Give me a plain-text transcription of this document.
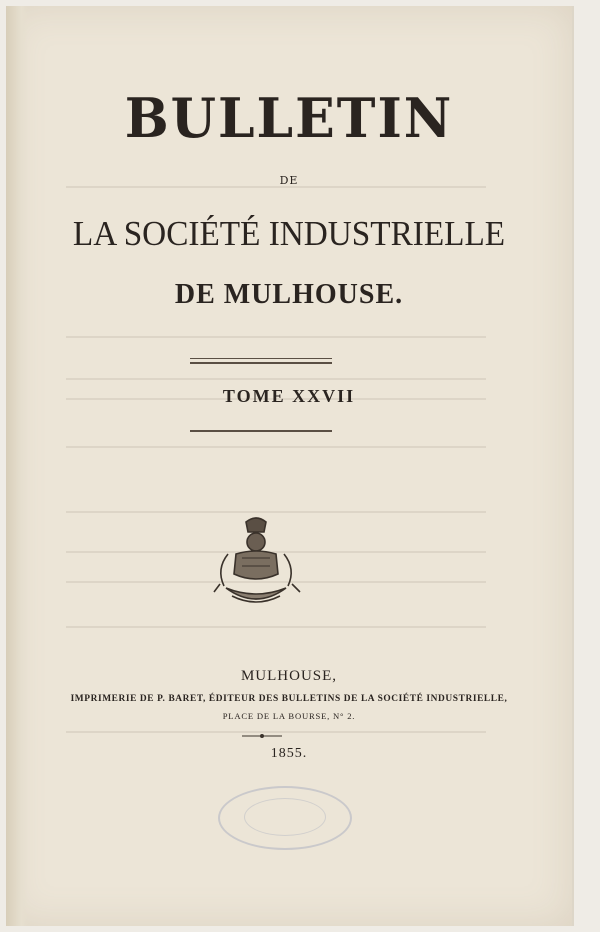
BULLETIN
DE
LA SOCIÉTÉ INDUSTRIELLE
DE MULHOUSE.
TOME XXVII
MULHOUSE,
IMPRIMERIE DE P. BARET, ÉDITEUR DES BULLETINS DE LA SOCIÉTÉ INDUSTRIELLE,
PLACE DE LA BOURSE, N° 2.
1855.
